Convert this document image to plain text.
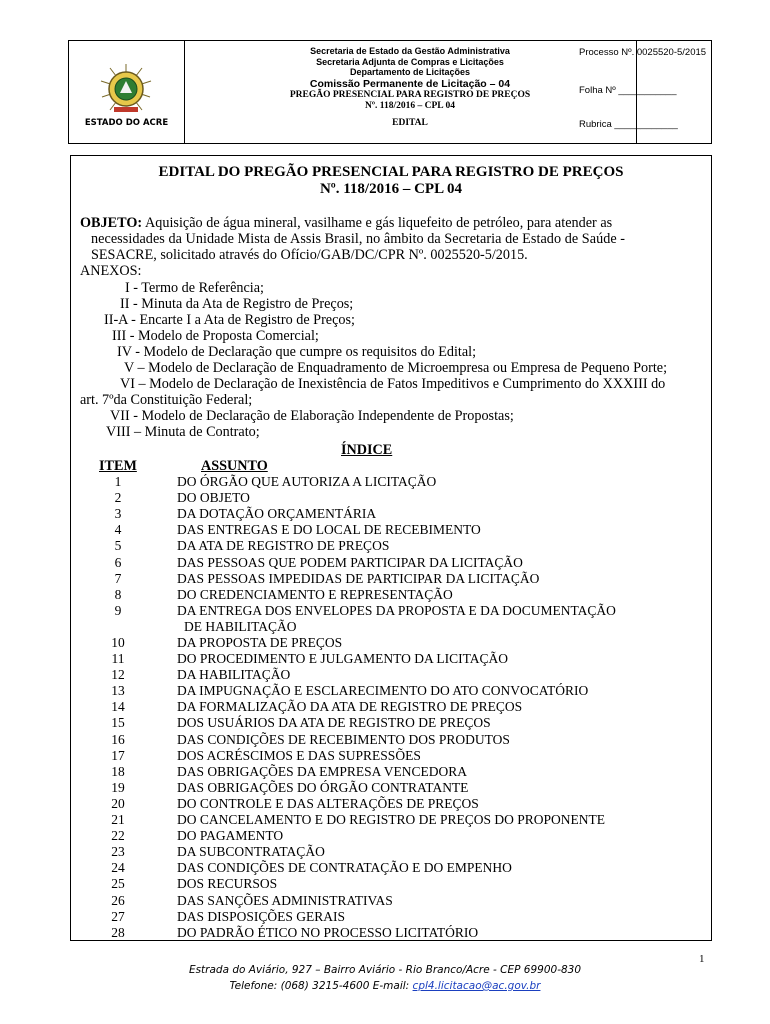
ESTADO DO ACRE
Secretaria de Estado da Gestão Administrativa
Secretaria Adjunta de Compras e Licitações
Departamento de Licitações
Comissão Permanente de Licitação – 04
PREGÃO PRESENCIAL PARA REGISTRO DE PREÇOS
Nº. 118/2016 – CPL 04
EDITAL
Processo Nº. 0025520-5/2015
Folha Nº ___________
Rubrica ____________
EDITAL DO PREGÃO PRESENCIAL PARA REGISTRO DE PREÇOS
Nº. 118/2016 – CPL 04
OBJETO: Aquisição de água mineral, vasilhame e gás liquefeito de petróleo, para atender as
necessidades da Unidade Mista de Assis Brasil, no âmbito da Secretaria de Estado de Saúde -
SESACRE, solicitado através do Ofício/GAB/DC/CPR Nº. 0025520-5/2015.
ANEXOS:
I - Termo de Referência;
II - Minuta da Ata de Registro de Preços;
II-A - Encarte I a Ata de Registro de Preços;
III - Modelo de Proposta Comercial;
IV - Modelo de Declaração que cumpre os requisitos do Edital;
V – Modelo de Declaração de Enquadramento de Microempresa ou Empresa de Pequeno Porte;
VI – Modelo de Declaração de Inexistência de Fatos Impeditivos e Cumprimento do XXXIII do
art. 7ºda Constituição Federal;
VII - Modelo de Declaração de Elaboração Independente de Propostas;
VIII – Minuta de Contrato;
ÍNDICE
ITEM	ASSUNTO
1	DO ÓRGÃO QUE AUTORIZA A LICITAÇÃO
2	DO OBJETO
3	DA DOTAÇÃO ORÇAMENTÁRIA
4	DAS ENTREGAS E DO LOCAL DE RECEBIMENTO
5	DA ATA DE REGISTRO DE PREÇOS
6	DAS PESSOAS QUE PODEM PARTICIPAR DA LICITAÇÃO
7	DAS PESSOAS IMPEDIDAS DE PARTICIPAR DA LICITAÇÃO
8	DO CREDENCIAMENTO E REPRESENTAÇÃO
9	DA ENTREGA DOS ENVELOPES DA PROPOSTA E DA DOCUMENTAÇÃO
DE HABILITAÇÃO
10	DA PROPOSTA DE PREÇOS
11	DO PROCEDIMENTO E JULGAMENTO DA LICITAÇÃO
12	DA HABILITAÇÃO
13	DA IMPUGNAÇÃO E ESCLARECIMENTO DO ATO CONVOCATÓRIO
14	DA FORMALIZAÇÃO DA ATA DE REGISTRO DE PREÇOS
15	DOS USUÁRIOS DA ATA DE REGISTRO DE PREÇOS
16	DAS CONDIÇÕES DE RECEBIMENTO DOS PRODUTOS
17	DOS ACRÉSCIMOS E DAS SUPRESSÕES
18	DAS OBRIGAÇÕES DA EMPRESA VENCEDORA
19	DAS OBRIGAÇÕES DO ÓRGÃO CONTRATANTE
20	DO CONTROLE E DAS ALTERAÇÕES DE PREÇOS
21	DO CANCELAMENTO E DO REGISTRO DE PREÇOS DO PROPONENTE
22	DO PAGAMENTO
23	DA SUBCONTRATAÇÃO
24	DAS CONDIÇÕES DE CONTRATAÇÃO E DO EMPENHO
25	DOS RECURSOS
26	DAS SANÇÕES ADMINISTRATIVAS
27	DAS DISPOSIÇÕES GERAIS
28	DO PADRÃO ÉTICO NO PROCESSO LICITATÓRIO
1
Estrada do Aviário, 927 – Bairro Aviário - Rio Branco/Acre - CEP 69900-830
Telefone: (068) 3215-4600 E-mail: cpl4.licitacao@ac.gov.br
